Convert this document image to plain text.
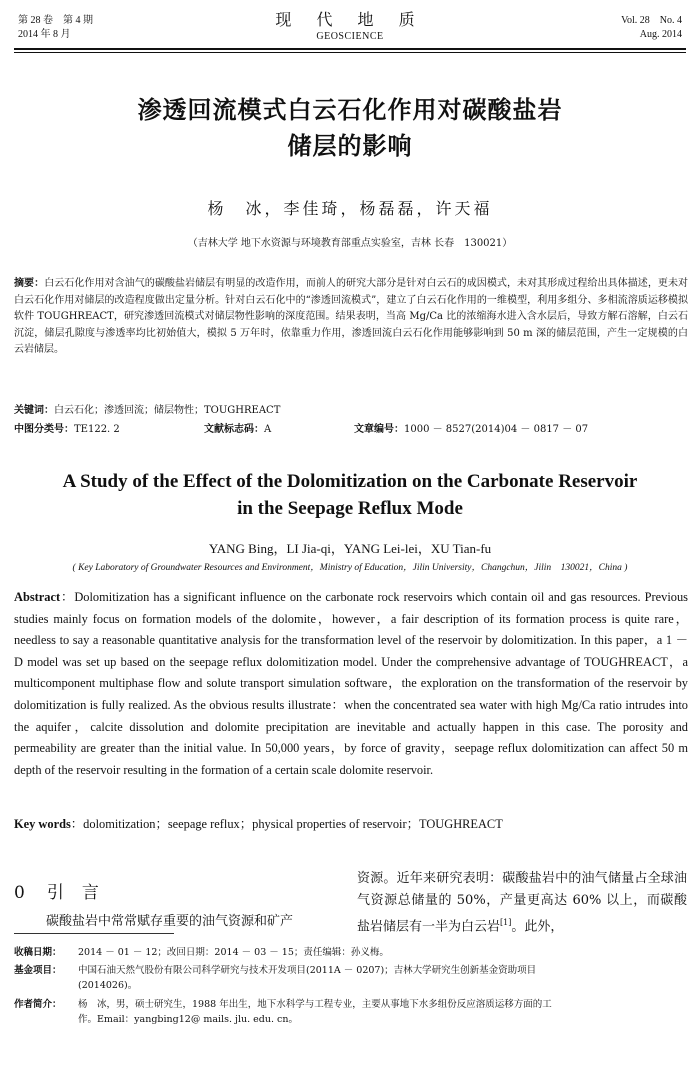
第 28 卷　第 4 期
2014 年 8 月
现 代 地 质
GEOSCIENCE
Vol. 28　No. 4
Aug. 2014
渗透回流模式白云石化作用对碳酸盐岩
储层的影响
杨　冰，李佳琦，杨磊磊，许天福
（吉林大学 地下水资源与环境教育部重点实验室，吉林 长春　130021）
摘要：白云石化作用对含油气的碳酸盐岩储层有明显的改造作用，而前人的研究大部分是针对白云石的成因模式，未对其形成过程给出具体描述，更未对白云石化作用对储层的改造程度做出定量分析。针对白云石化中的“渗透回流模式”，建立了白云石化作用的一维模型，利用多组分、多相流溶质运移模拟软件 TOUGHREACT，研究渗透回流模式对储层物性影响的深度范围。结果表明，当高 Mg/Ca 比的浓缩海水进入含水层后，导致方解石溶解，白云石沉淀，储层孔隙度与渗透率均比初始值大，模拟 5 万年时，依靠重力作用，渗透回流白云石化作用能够影响到 50 m 深的储层范围，产生一定规模的白云岩储层。
关键词：白云石化；渗透回流；储层物性；TOUGHREACT
中图分类号：TE122. 2	文献标志码：A	文章编号：1000 － 8527(2014)04 － 0817 － 07
A Study of the Effect of the Dolomitization on the Carbonate Reservoir
in the Seepage Reflux Mode
YANG Bing，LI Jia-qi，YANG Lei-lei，XU Tian-fu
( Key Laboratory of Groundwater Resources and Environment，Ministry of Education，Jilin University，Changchun，Jilin　130021，China )
Abstract：Dolomitization has a significant influence on the carbonate rock reservoirs which contain oil and gas resources. Previous studies mainly focus on formation models of the dolomite，however，a fair description of its formation process is quite rare，needless to say a reasonable quantitative analysis for the transformation level of the reservoir by dolomitization. In this paper，a 1 － D model was set up based on the seepage reflux dolomitization model. Under the comprehensive advantage of TOUGHREACT，a multicomponent multiphase flow and solute transport simulation software，the exploration on the transformation of the reservoir by dolomitization is fully realized. As the obvious results illustrate：when the concentrated sea water with high Mg/Ca ratio intrudes into the aquifer，calcite dissolution and dolomite precipitation are inevitable and actually happen in this case. The porosity and permeability are greater than the initial value. In 50,000 years，by force of gravity，seepage reflux dolomitization can affect 50 m depth of the reservoir resulting in the formation of a certain scale dolomite reservoir.
Key words：dolomitization；seepage reflux；physical properties of reservoir；TOUGHREACT
0 引言
碳酸盐岩中常常赋存重要的油气资源和矿产
资源。近年来研究表明：碳酸盐岩中的油气储量占全球油气资源总储量的 50%，产量更高达 60% 以上，而碳酸盐岩储层有一半为白云岩[1]。此外，
收稿日期： 2014 － 01 － 12；改回日期：2014 － 03 － 15；责任编辑：孙义梅。
基金项目： 中国石油天然气股份有限公司科学研究与技术开发项目(2011A － 0207)；吉林大学研究生创新基金资助项目
(2014026)。
作者简介： 杨　冰，男，硕士研究生，1988 年出生，地下水科学与工程专业，主要从事地下水多组份反应溶质运移方面的工
作。Email：yangbing12@ mails. jlu. edu. cn。
